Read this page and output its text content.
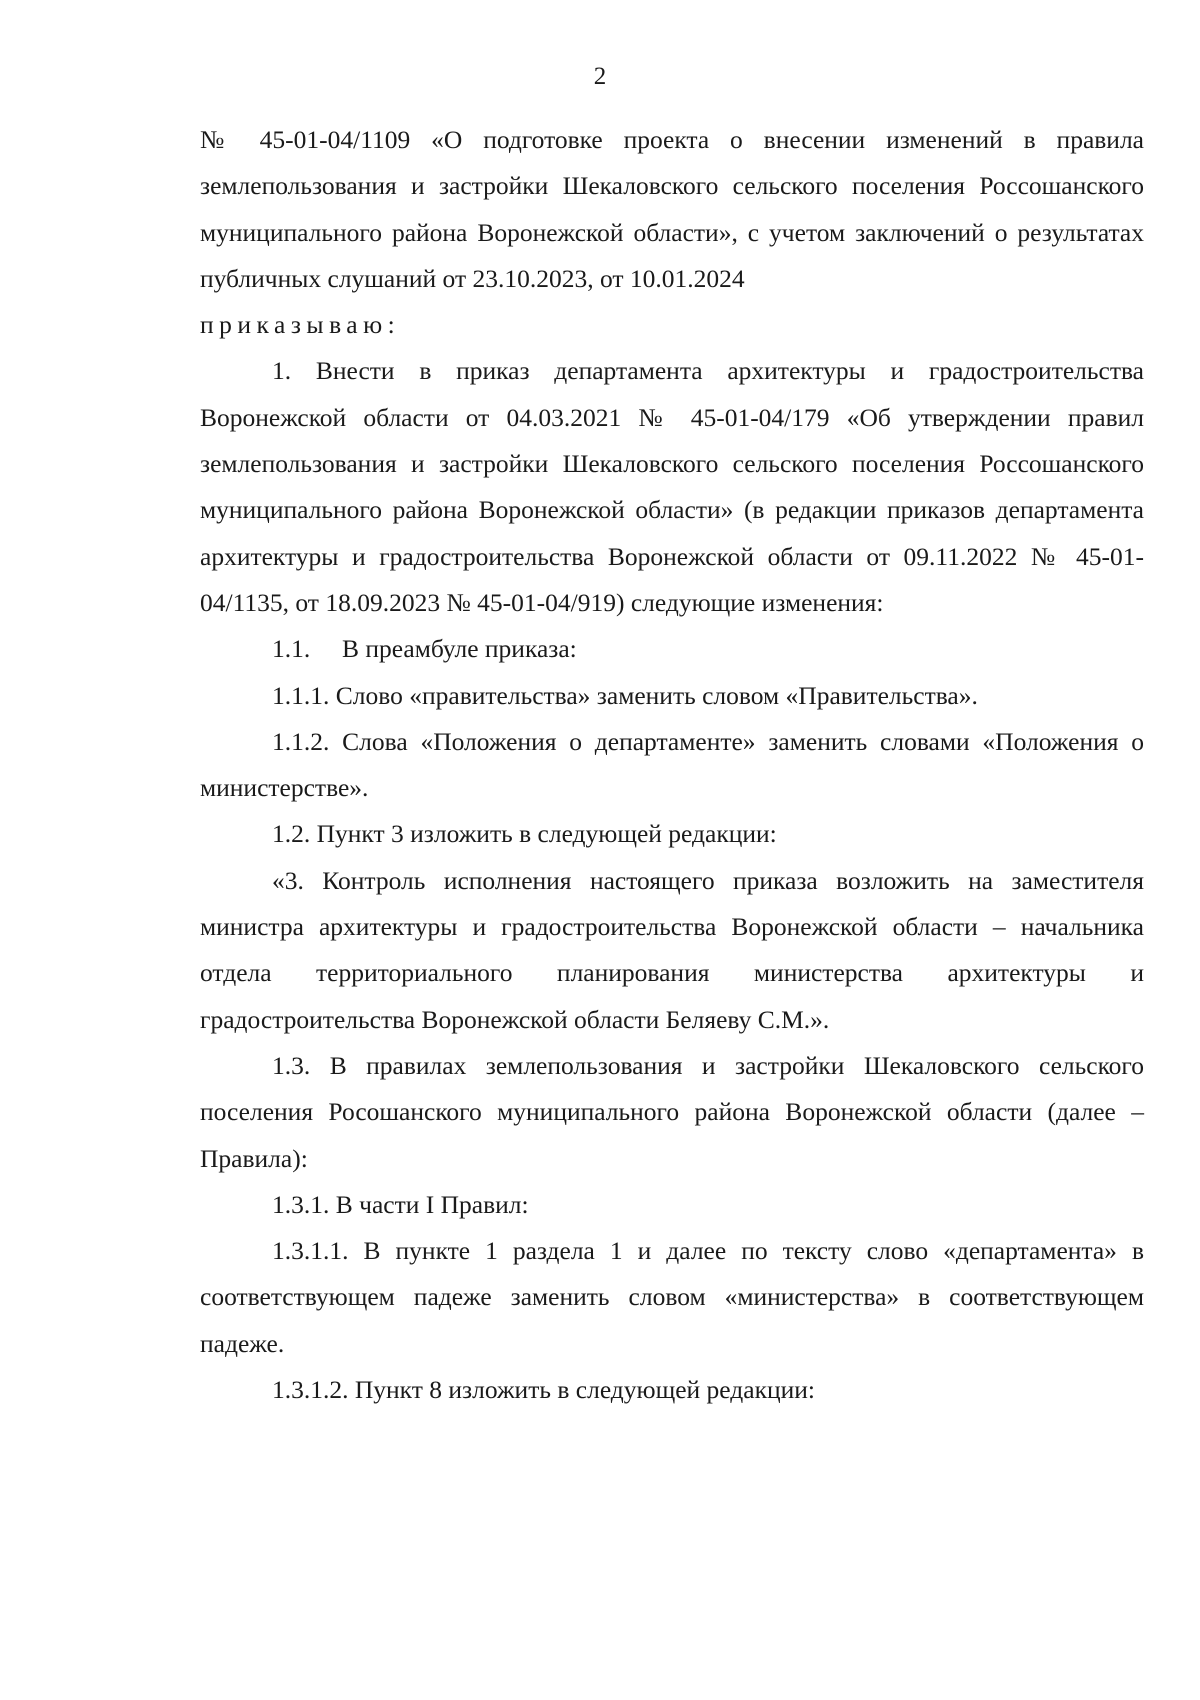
2

№ 45-01-04/1109 «О подготовке проекта о внесении изменений в правила землепользования и застройки Шекаловского сельского поселения Россошанского муниципального района Воронежской области», с учетом заключений о результатах публичных слушаний от 23.10.2023, от 10.01.2024

приказываю:

1. Внести в приказ департамента архитектуры и градостроительства Воронежской области от 04.03.2021 № 45-01-04/179 «Об утверждении правил землепользования и застройки Шекаловского сельского поселения Россошанского муниципального района Воронежской области» (в редакции приказов департамента архитектуры и градостроительства Воронежской области от 09.11.2022 № 45-01-04/1135, от 18.09.2023 № 45-01-04/919) следующие изменения:

1.1. В преамбуле приказа:

1.1.1. Слово «правительства» заменить словом «Правительства».

1.1.2. Слова «Положения о департаменте» заменить словами «Положения о министерстве».

1.2. Пункт 3 изложить в следующей редакции:

«3. Контроль исполнения настоящего приказа возложить на заместителя министра архитектуры и градостроительства Воронежской области – начальника отдела территориального планирования министерства архитектуры и градостроительства Воронежской области Беляеву С.М.».

1.3. В правилах землепользования и застройки Шекаловского сельского поселения Росошанского муниципального района Воронежской области (далее – Правила):

1.3.1. В части I Правил:

1.3.1.1. В пункте 1 раздела 1 и далее по тексту слово «департамента» в соответствующем падеже заменить словом «министерства» в соответствующем падеже.

1.3.1.2. Пункт 8 изложить в следующей редакции:
